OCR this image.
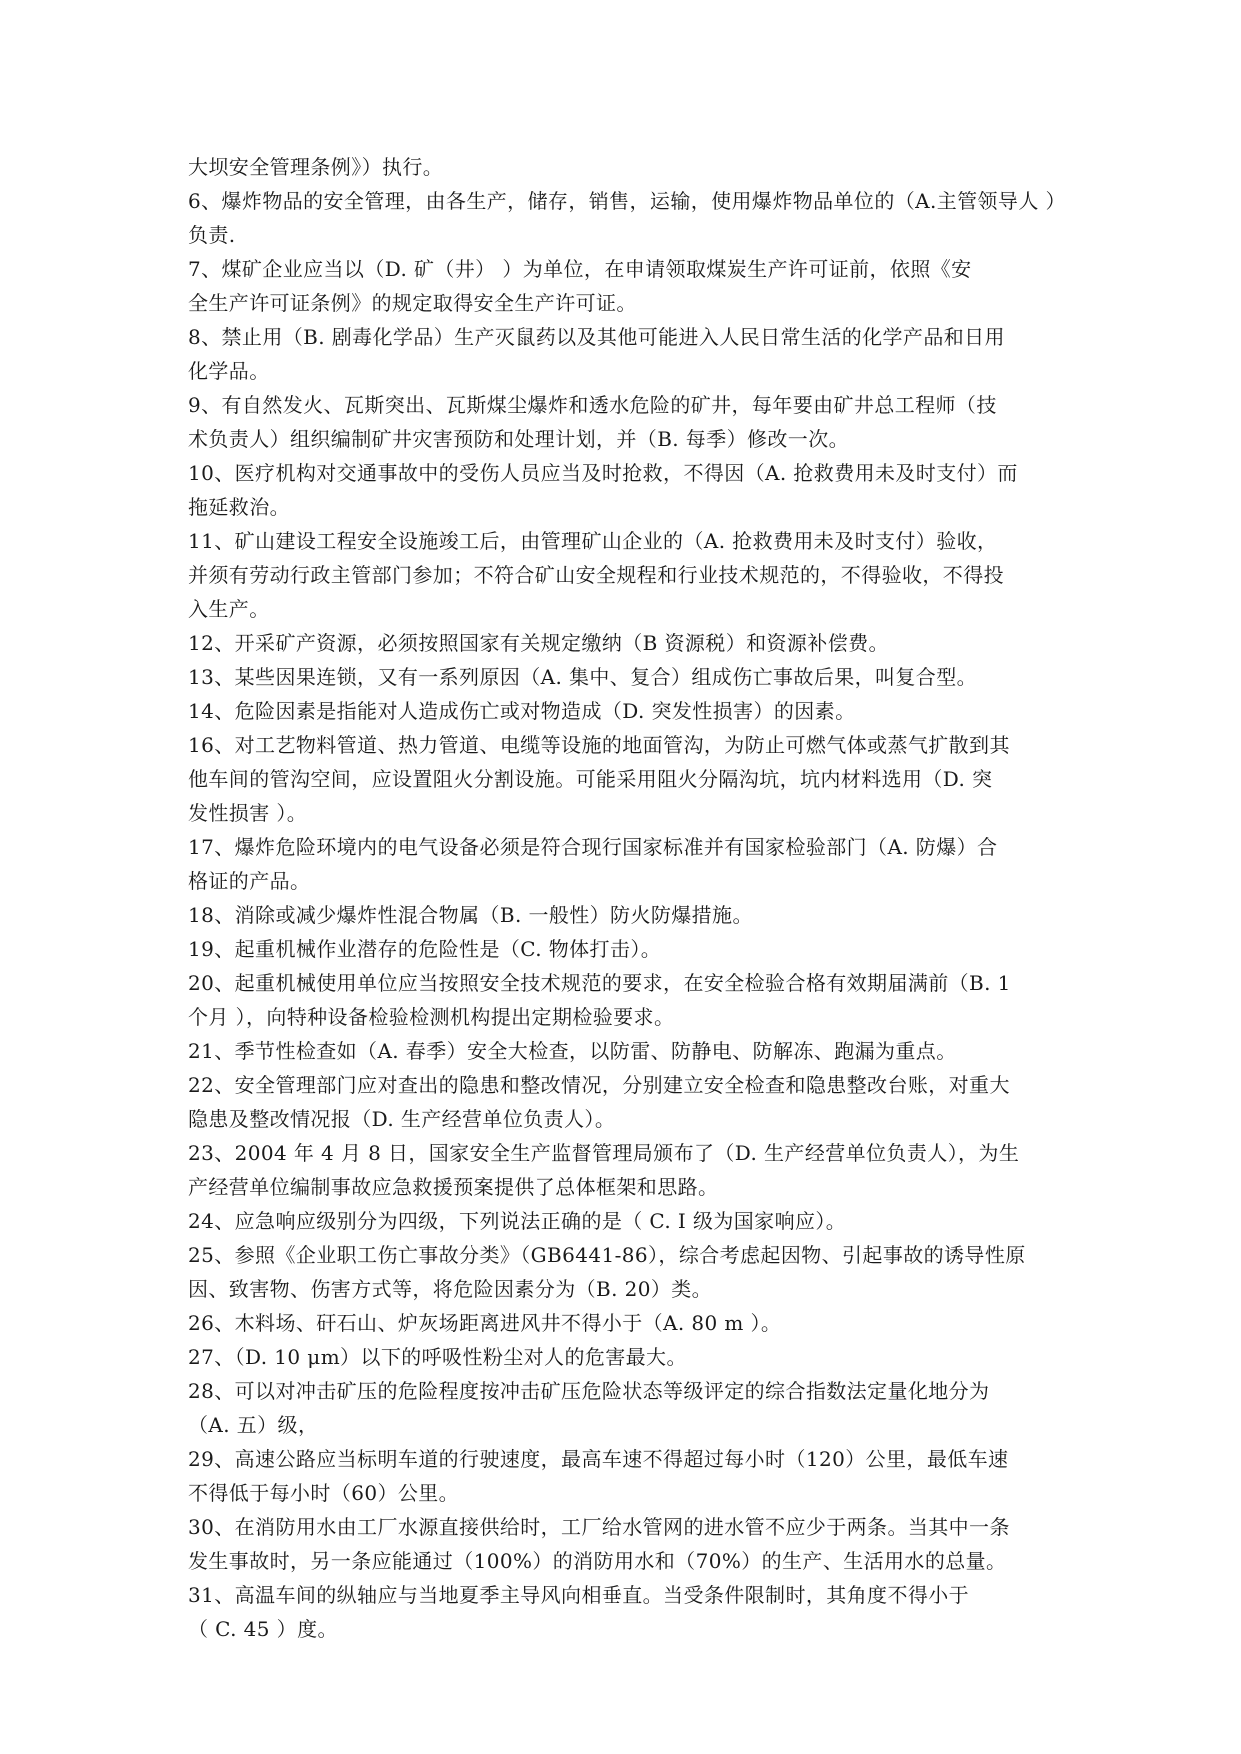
大坝安全管理条例》）执行。
6、爆炸物品的安全管理，由各生产，储存，销售，运输，使用爆炸物品单位的（A.主管领导人 ）
负责.
7、煤矿企业应当以（D. 矿（井） ）为单位，在申请领取煤炭生产许可证前，依照《安
全生产许可证条例》的规定取得安全生产许可证。
8、禁止用（B. 剧毒化学品）生产灭鼠药以及其他可能进入人民日常生活的化学产品和日用
化学品。
9、有自然发火、瓦斯突出、瓦斯煤尘爆炸和透水危险的矿井，每年要由矿井总工程师（技
术负责人）组织编制矿井灾害预防和处理计划，并（B. 每季）修改一次。
10、医疗机构对交通事故中的受伤人员应当及时抢救，不得因（A. 抢救费用未及时支付）而
拖延救治。
11、矿山建设工程安全设施竣工后，由管理矿山企业的（A. 抢救费用未及时支付）验收，
并须有劳动行政主管部门参加；不符合矿山安全规程和行业技术规范的，不得验收，不得投
入生产。
12、开采矿产资源，必须按照国家有关规定缴纳（B 资源税）和资源补偿费。
13、某些因果连锁，又有一系列原因（A. 集中、复合）组成伤亡事故后果，叫复合型。
14、危险因素是指能对人造成伤亡或对物造成（D. 突发性损害）的因素。
16、对工艺物料管道、热力管道、电缆等设施的地面管沟，为防止可燃气体或蒸气扩散到其
他车间的管沟空间，应设置阻火分割设施。可能采用阻火分隔沟坑，坑内材料选用（D. 突
发性损害 ）。
17、爆炸危险环境内的电气设备必须是符合现行国家标准并有国家检验部门（A. 防爆）合
格证的产品。
18、消除或减少爆炸性混合物属（B. 一般性）防火防爆措施。
19、起重机械作业潜存的危险性是（C. 物体打击）。
20、起重机械使用单位应当按照安全技术规范的要求，在安全检验合格有效期届满前（B. 1
个月 ），向特种设备检验检测机构提出定期检验要求。
21、季节性检查如（A. 春季）安全大检查，以防雷、防静电、防解冻、跑漏为重点。
22、安全管理部门应对查出的隐患和整改情况，分别建立安全检查和隐患整改台账，对重大
隐患及整改情况报（D. 生产经营单位负责人）。
23、2004 年 4 月 8 日，国家安全生产监督管理局颁布了（D. 生产经营单位负责人），为生
产经营单位编制事故应急救援预案提供了总体框架和思路。
24、应急响应级别分为四级，下列说法正确的是（ C. I 级为国家响应）。
25、参照《企业职工伤亡事故分类》（GB6441-86），综合考虑起因物、引起事故的诱导性原
因、致害物、伤害方式等，将危险因素分为（B. 20）类。
26、木料场、矸石山、炉灰场距离进风井不得小于（A. 80 m ）。
27、（D. 10 μm）以下的呼吸性粉尘对人的危害最大。
28、可以对冲击矿压的危险程度按冲击矿压危险状态等级评定的综合指数法定量化地分为
（A. 五）级，
29、高速公路应当标明车道的行驶速度，最高车速不得超过每小时（120）公里，最低车速
不得低于每小时（60）公里。
30、在消防用水由工厂水源直接供给时，工厂给水管网的进水管不应少于两条。当其中一条
发生事故时，另一条应能通过（100%）的消防用水和（70%）的生产、生活用水的总量。
31、高温车间的纵轴应与当地夏季主导风向相垂直。当受条件限制时，其角度不得小于
（ C. 45 ）度。
